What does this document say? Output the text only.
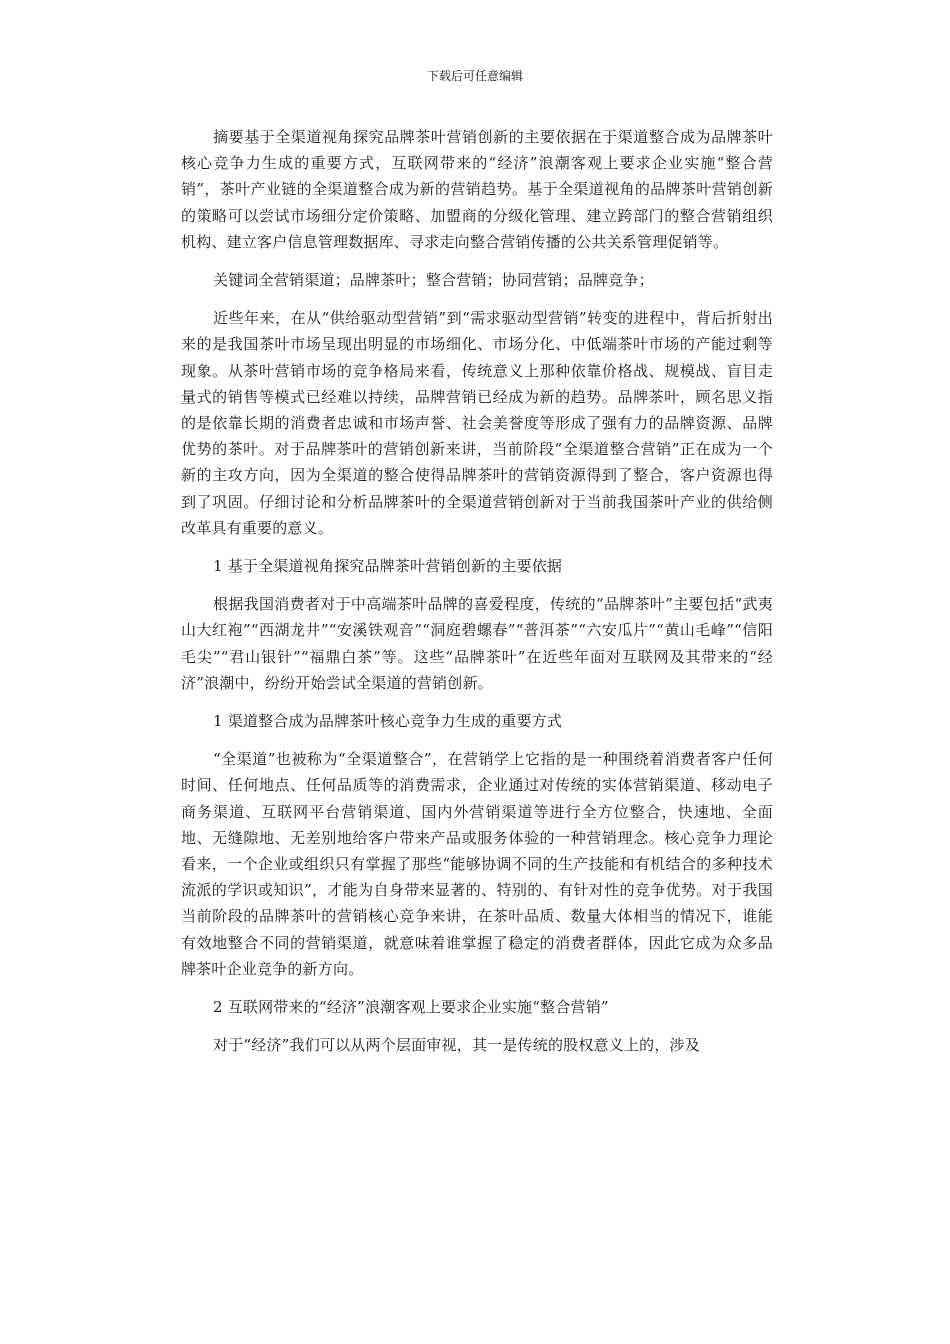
下载后可任意编辑

摘要基于全渠道视角探究品牌茶叶营销创新的主要依据在于渠道整合成为品牌茶叶核心竞争力生成的重要方式，互联网带来的“经济”浪潮客观上要求企业实施“整合营销”，茶叶产业链的全渠道整合成为新的营销趋势。基于全渠道视角的品牌茶叶营销创新的策略可以尝试市场细分定价策略、加盟商的分级化管理、建立跨部门的整合营销组织机构、建立客户信息管理数据库、寻求走向整合营销传播的公共关系管理促销等。

关键词全营销渠道；品牌茶叶；整合营销；协同营销；品牌竞争；

近些年来，在从“供给驱动型营销”到“需求驱动型营销”转变的进程中，背后折射出来的是我国茶叶市场呈现出明显的市场细化、市场分化、中低端茶叶市场的产能过剩等现象。从茶叶营销市场的竞争格局来看，传统意义上那种依靠价格战、规模战、盲目走量式的销售等模式已经难以持续，品牌营销已经成为新的趋势。品牌茶叶，顾名思义指的是依靠长期的消费者忠诚和市场声誉、社会美誉度等形成了强有力的品牌资源、品牌优势的茶叶。对于品牌茶叶的营销创新来讲，当前阶段“全渠道整合营销”正在成为一个新的主攻方向，因为全渠道的整合使得品牌茶叶的营销资源得到了整合，客户资源也得到了巩固。仔细讨论和分析品牌茶叶的全渠道营销创新对于当前我国茶叶产业的供给侧改革具有重要的意义。

1 基于全渠道视角探究品牌茶叶营销创新的主要依据

根据我国消费者对于中高端茶叶品牌的喜爱程度，传统的“品牌茶叶”主要包括“武夷山大红袍”“西湖龙井”“安溪铁观音”“洞庭碧螺春”“普洱茶”“六安瓜片”“黄山毛峰”“信阳毛尖”“君山银针”“福鼎白茶”等。这些“品牌茶叶”在近些年面对互联网及其带来的“经济”浪潮中，纷纷开始尝试全渠道的营销创新。

1 渠道整合成为品牌茶叶核心竞争力生成的重要方式

“全渠道”也被称为“全渠道整合”，在营销学上它指的是一种围绕着消费者客户任何时间、任何地点、任何品质等的消费需求，企业通过对传统的实体营销渠道、移动电子商务渠道、互联网平台营销渠道、国内外营销渠道等进行全方位整合，快速地、全面地、无缝隙地、无差别地给客户带来产品或服务体验的一种营销理念。核心竞争力理论看来，一个企业或组织只有掌握了那些“能够协调不同的生产技能和有机结合的多种技术流派的学识或知识”，才能为自身带来显著的、特别的、有针对性的竞争优势。对于我国当前阶段的品牌茶叶的营销核心竞争来讲，在茶叶品质、数量大体相当的情况下，谁能有效地整合不同的营销渠道，就意味着谁掌握了稳定的消费者群体，因此它成为众多品牌茶叶企业竞争的新方向。

2 互联网带来的“经济”浪潮客观上要求企业实施“整合营销”

对于“经济”我们可以从两个层面审视，其一是传统的股权意义上的，涉及
